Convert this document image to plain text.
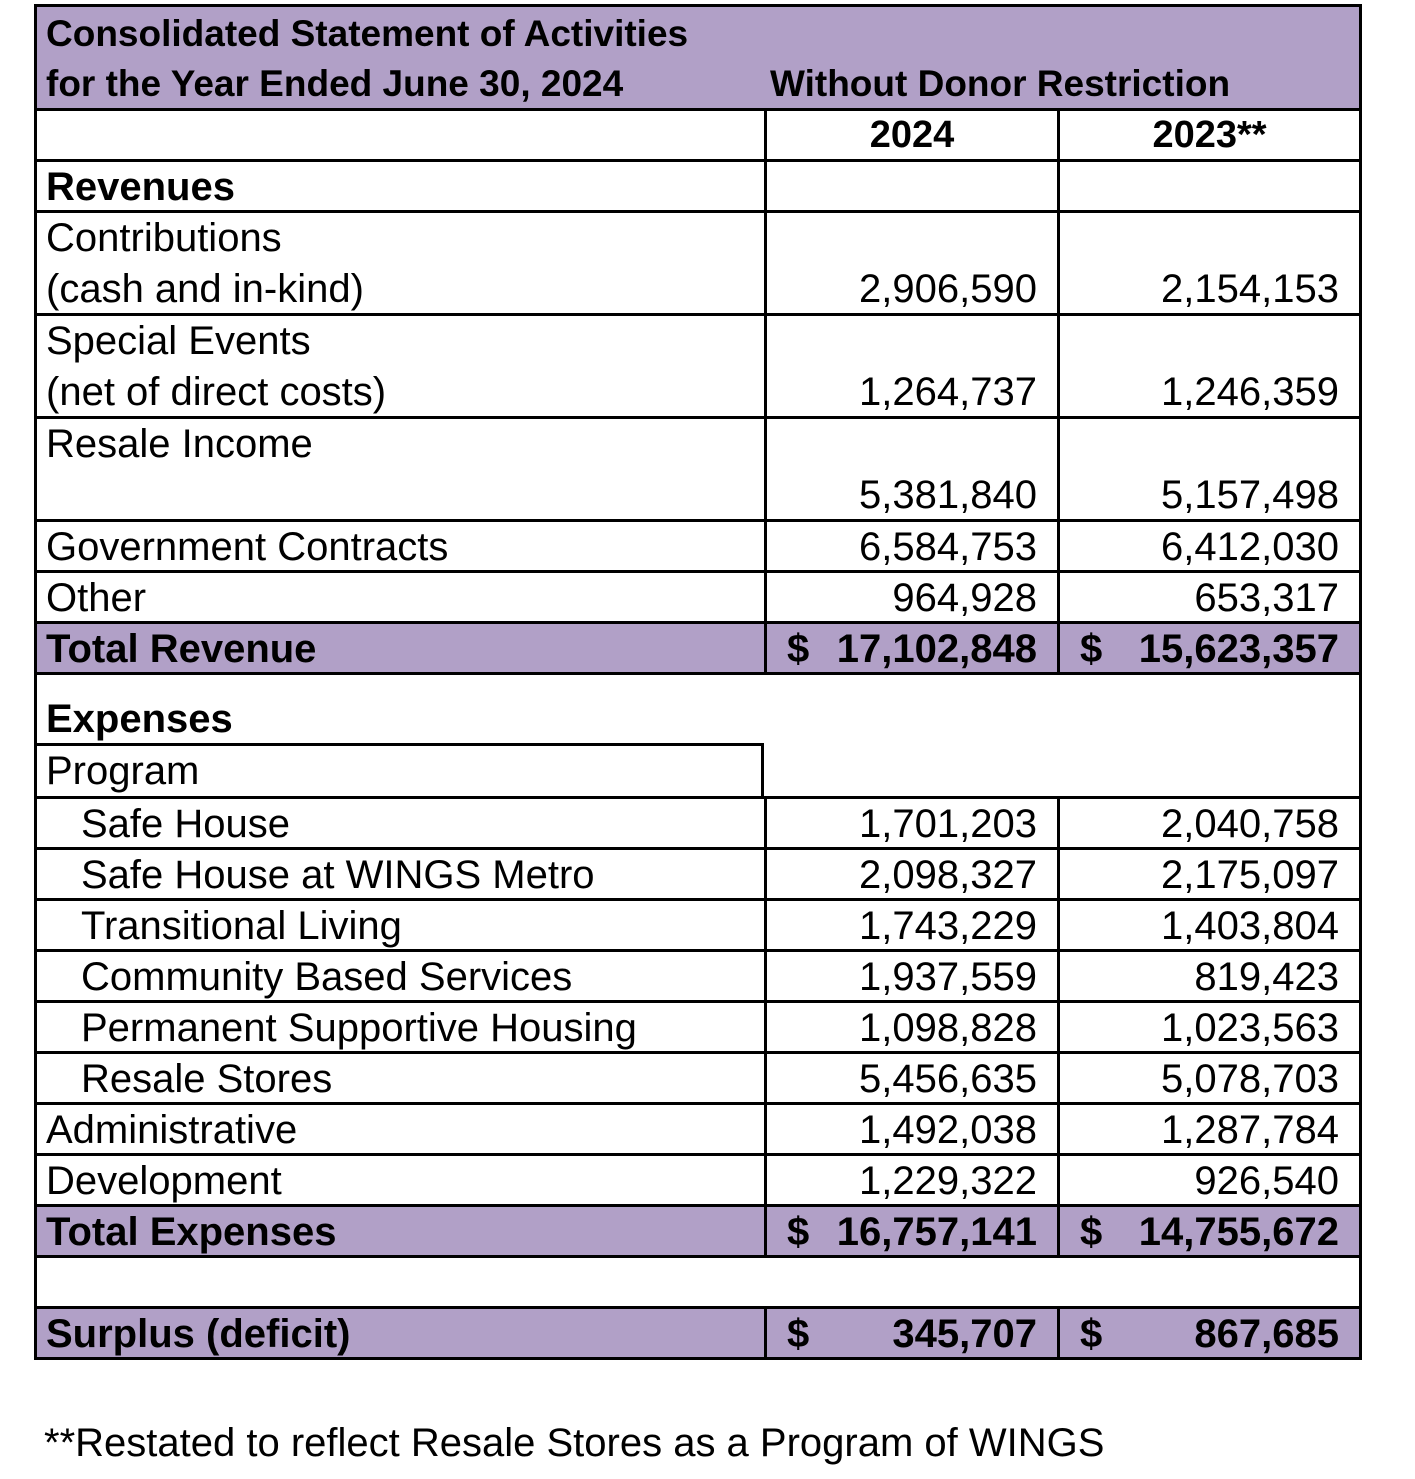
Consolidated Statement of Activities
for the Year Ended June 30, 2024	Without Donor Restriction
2024	2023**
Revenues
Contributions
(cash and in-kind)	2,906,590	2,154,153
Special Events
(net of direct costs)	1,264,737	1,246,359
Resale Income
5,381,840	5,157,498
Government Contracts	6,584,753	6,412,030
Other	964,928	653,317
Total Revenue	$ 17,102,848 $ 15,623,357
Expenses
Program
Safe House	1,701,203	2,040,758
Safe House at WINGS Metro	2,098,327	2,175,097
Transitional Living	1,743,229	1,403,804
Community Based Services	1,937,559	819,423
Permanent Supportive Housing	1,098,828	1,023,563
Resale Stores	5,456,635	5,078,703
Administrative	1,492,038	1,287,784
Development	1,229,322	926,540
Total Expenses	$ 16,757,141 $ 14,755,672
Surplus (deficit)	$ 345,707 $ 867,685
**Restated to reflect Resale Stores as a Program of WINGS
